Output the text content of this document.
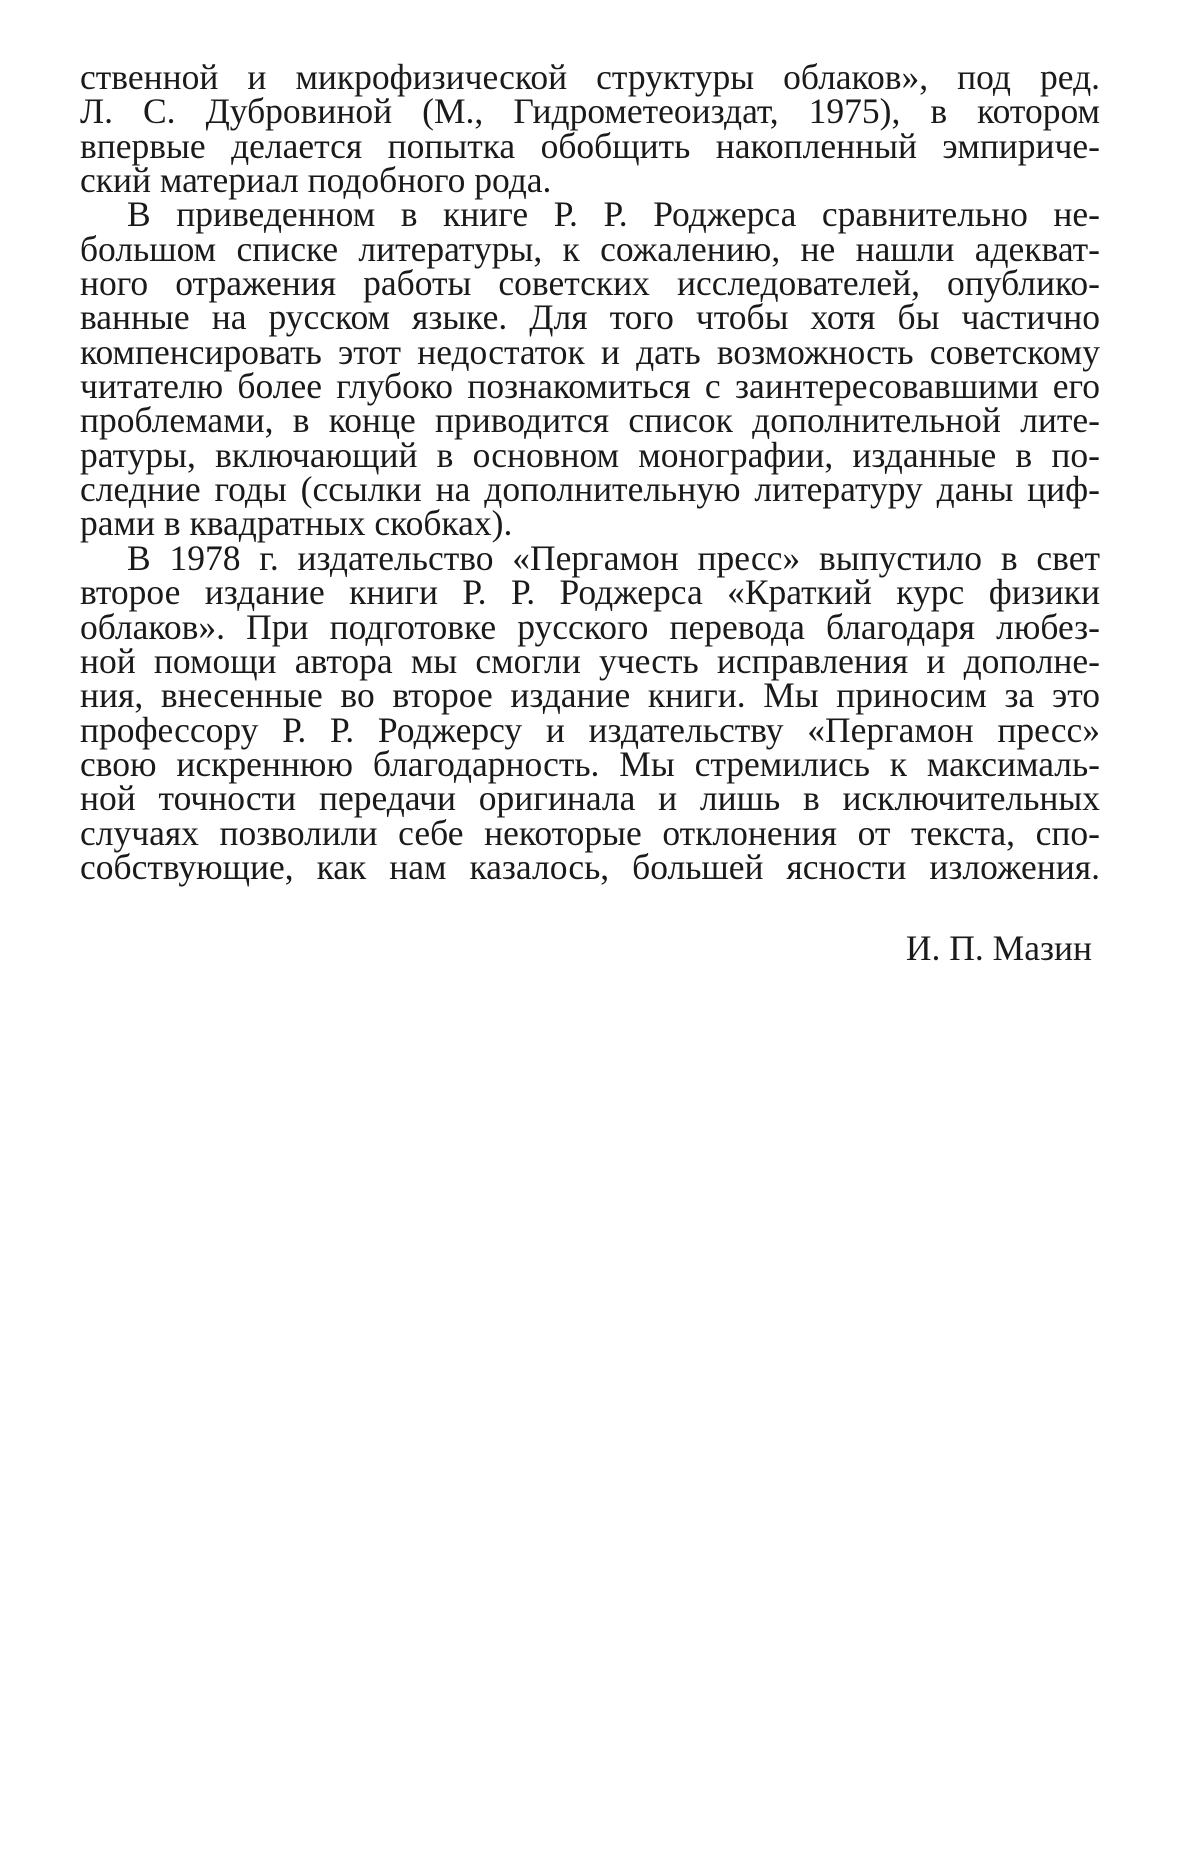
ственной и микрофизической структуры облаков», под ред.
Л. С. Дубровиной (М., Гидрометеоиздат, 1975), в котором
впервые делается попытка обобщить накопленный эмпириче-
ский материал подобного рода.
В приведенном в книге Р. Р. Роджерса сравнительно не-
большом списке литературы, к сожалению, не нашли адекват-
ного отражения работы советских исследователей, опублико-
ванные на русском языке. Для того чтобы хотя бы частично
компенсировать этот недостаток и дать возможность советскому
читателю более глубоко познакомиться с заинтересовавшими его
проблемами, в конце приводится список дополнительной лите-
ратуры, включающий в основном монографии, изданные в по-
следние годы (ссылки на дополнительную литературу даны циф-
рами в квадратных скобках).
В 1978 г. издательство «Пергамон пресс» выпустило в свет
второе издание книги Р. Р. Роджерса «Краткий курс физики
облаков». При подготовке русского перевода благодаря любез-
ной помощи автора мы смогли учесть исправления и дополне-
ния, внесенные во второе издание книги. Мы приносим за это
профессору Р. Р. Роджерсу и издательству «Пергамон пресс»
свою искреннюю благодарность. Мы стремились к максималь-
ной точности передачи оригинала и лишь в исключительных
случаях позволили себе некоторые отклонения от текста, спо-
собствующие, как нам казалось, большей ясности изложения.
И. П. Мазин
